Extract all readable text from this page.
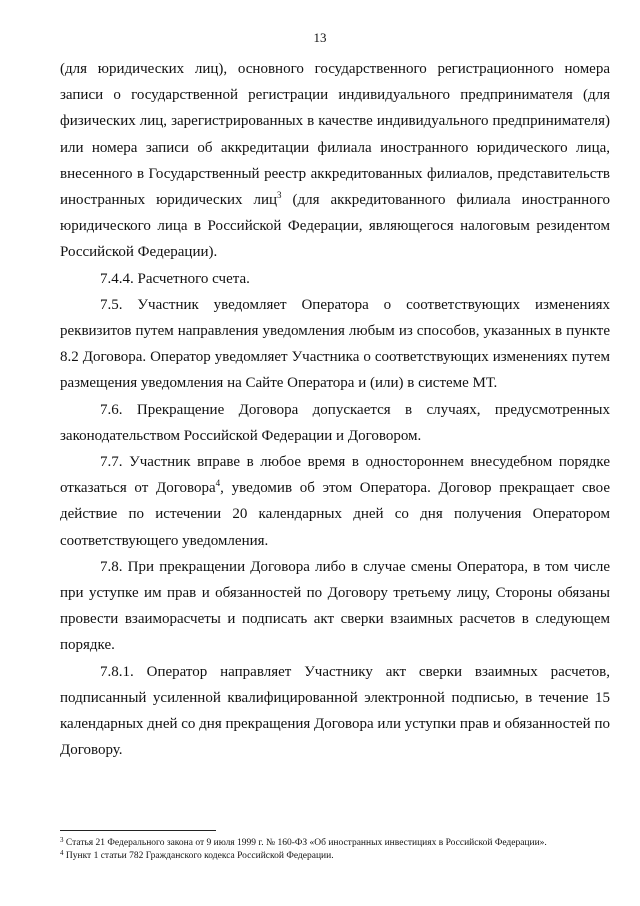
13

(для юридических лиц), основного государственного регистрационного номера записи о государственной регистрации индивидуального предпринимателя (для физических лиц, зарегистрированных в качестве индивидуального предпринимателя) или номера записи об аккредитации филиала иностранного юридического лица, внесенного в Государственный реестр аккредитованных филиалов, представительств иностранных юридических лиц$^3$ (для аккредитованного филиала иностранного юридического лица в Российской Федерации, являющегося налоговым резидентом Российской Федерации).

7.4.4. Расчетного счета.

7.5. Участник уведомляет Оператора о соответствующих изменениях реквизитов путем направления уведомления любым из способов, указанных в пункте 8.2 Договора. Оператор уведомляет Участника о соответствующих изменениях путем размещения уведомления на Сайте Оператора и (или) в системе МТ.

7.6. Прекращение Договора допускается в случаях, предусмотренных законодательством Российской Федерации и Договором.

7.7. Участник вправе в любое время в одностороннем внесудебном порядке отказаться от Договора$^4$, уведомив об этом Оператора. Договор прекращает свое действие по истечении 20 календарных дней со дня получения Оператором соответствующего уведомления.

7.8. При прекращении Договора либо в случае смены Оператора, в том числе при уступке им прав и обязанностей по Договору третьему лицу, Стороны обязаны провести взаиморасчеты и подписать акт сверки взаимных расчетов в следующем порядке.

7.8.1. Оператор направляет Участнику акт сверки взаимных расчетов, подписанный усиленной квалифицированной электронной подписью, в течение 15 календарных дней со дня прекращения Договора или уступки прав и обязанностей по Договору.

$^3$ Статья 21 Федерального закона от 9 июля 1999 г. № 160-ФЗ «Об иностранных инвестициях в Российской Федерации».

$^4$ Пункт 1 статьи 782 Гражданского кодекса Российской Федерации.
